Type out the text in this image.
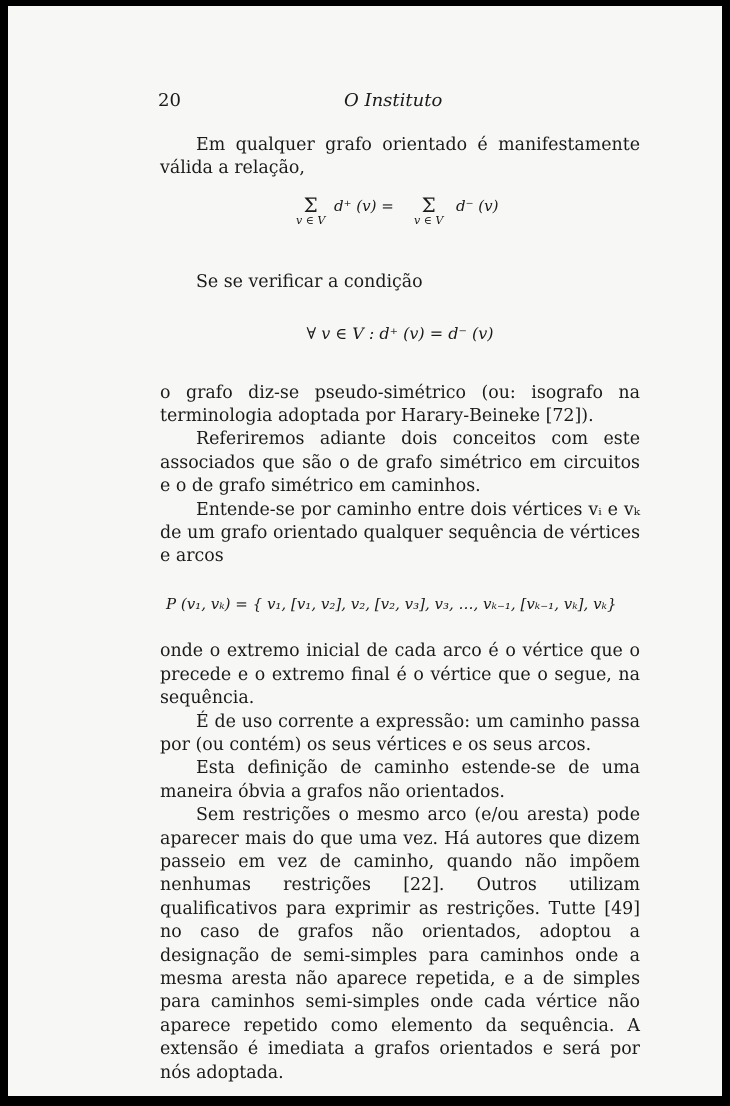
20	O Instituto

Em qualquer grafo orientado é manifestamente válida a relação,

Σ
v ∈ V
d⁺ (v) =	Σ
v ∈ V
d⁻ (v)

Se se verificar a condição

∀ v ∈ V : d⁺ (v) = d⁻ (v)

o grafo diz-se pseudo-simétrico (ou: isografo na terminologia adoptada por Harary-Beineke [72]).

Referiremos adiante dois conceitos com este associados que são o de grafo simétrico em circuitos e o de grafo simétrico em caminhos.

Entende-se por caminho entre dois vértices vᵢ e vₖ de um grafo orientado qualquer sequência de vértices e arcos

P (v₁, vₖ) = { v₁, [v₁, v₂], v₂, [v₂, v₃], v₃, …, vₖ₋₁, [vₖ₋₁, vₖ], vₖ}

onde o extremo inicial de cada arco é o vértice que o precede e o extremo final é o vértice que o segue, na sequência.

É de uso corrente a expressão: um caminho passa por (ou contém) os seus vértices e os seus arcos.

Esta definição de caminho estende-se de uma maneira óbvia a grafos não orientados.

Sem restrições o mesmo arco (e/ou aresta) pode aparecer mais do que uma vez. Há autores que dizem passeio em vez de caminho, quando não impõem nenhumas restrições [22]. Outros utilizam qualificativos para exprimir as restrições. Tutte [49] no caso de grafos não orientados, adoptou a designação de semi-simples para caminhos onde a mesma aresta não aparece repetida, e a de simples para caminhos semi-simples onde cada vértice não aparece repetido como elemento da sequência. A extensão é imediata a grafos orientados e será por nós adoptada.
